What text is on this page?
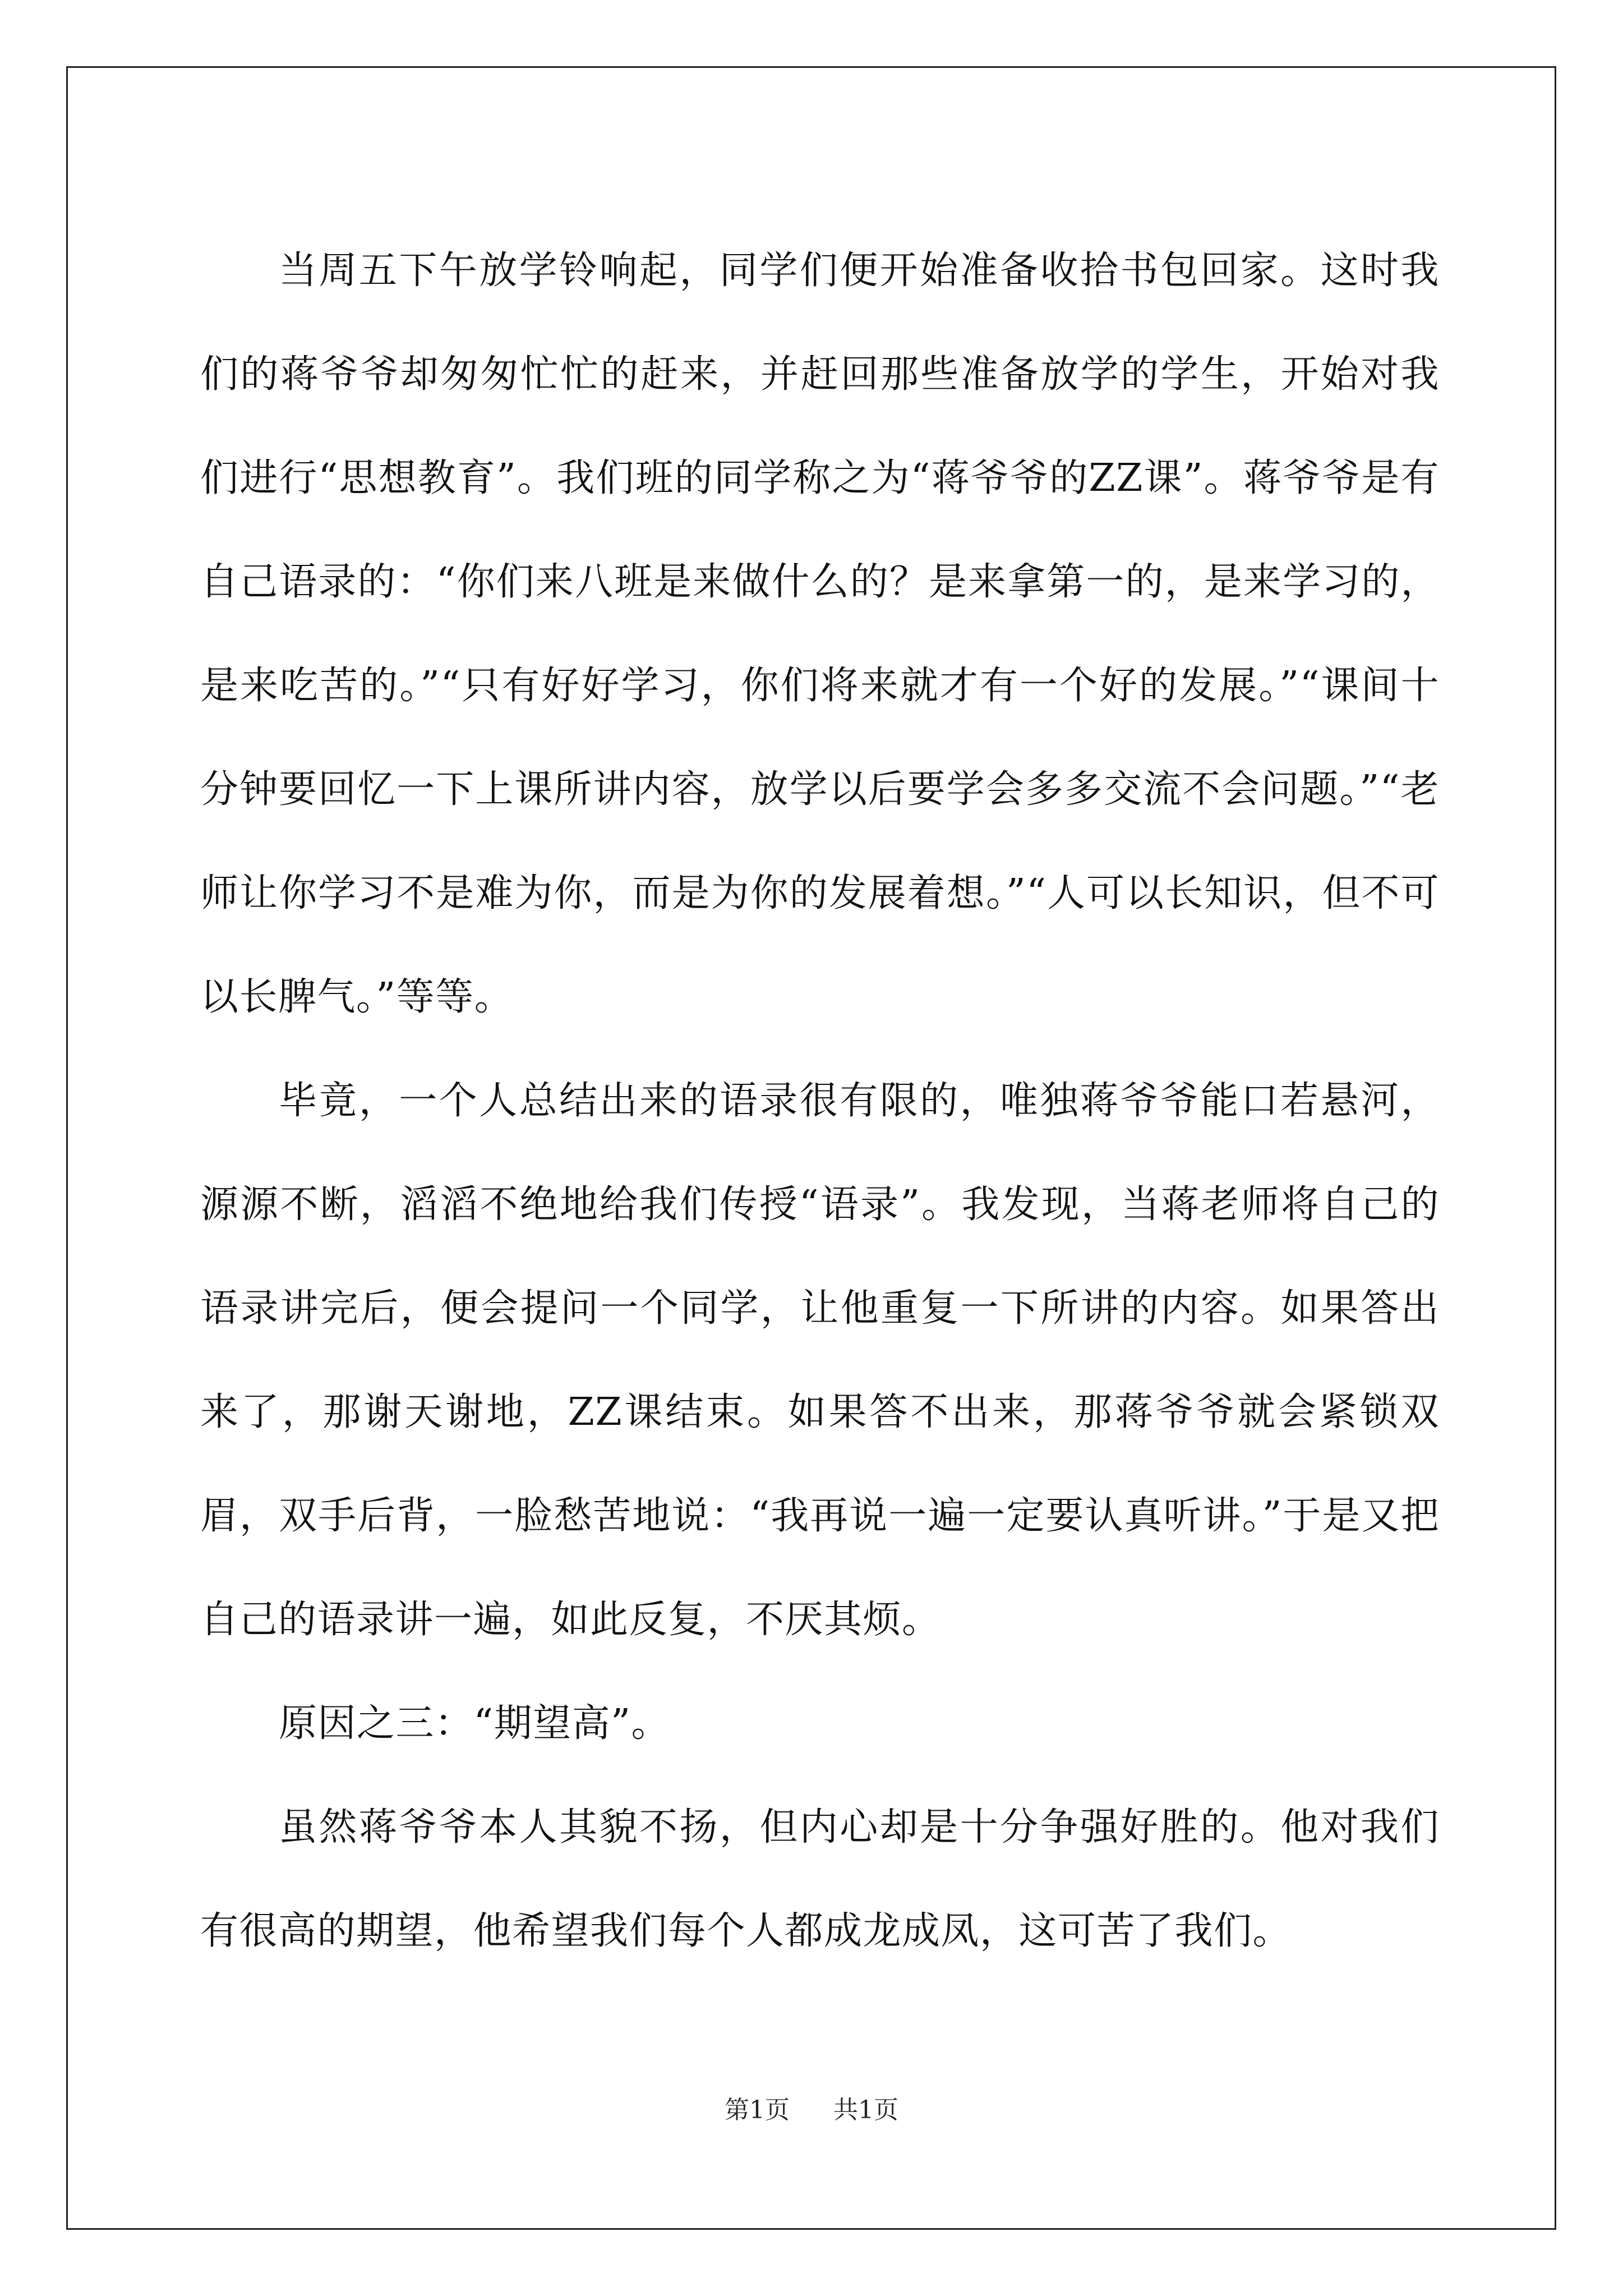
当周五下午放学铃响起，同学们便开始准备收拾书包回家。这时我们的蒋爷爷却匆匆忙忙的赶来，并赶回那些准备放学的学生，开始对我们进行“思想教育”。我们班的同学称之为“蒋爷爷的ZZ课”。蒋爷爷是有自己语录的：“你们来八班是来做什么的？是来拿第一的，是来学习的，是来吃苦的。”“只有好好学习，你们将来就才有一个好的发展。”“课间十分钟要回忆一下上课所讲内容，放学以后要学会多多交流不会问题。”“老师让你学习不是难为你，而是为你的发展着想。”“人可以长知识，但不可以长脾气。”等等。

毕竟，一个人总结出来的语录很有限的，唯独蒋爷爷能口若悬河，源源不断，滔滔不绝地给我们传授“语录”。我发现，当蒋老师将自己的语录讲完后，便会提问一个同学，让他重复一下所讲的内容。如果答出来了，那谢天谢地，ZZ课结束。如果答不出来，那蒋爷爷就会紧锁双眉，双手后背，一脸愁苦地说：“我再说一遍一定要认真听讲。”于是又把自己的语录讲一遍，如此反复，不厌其烦。

原因之三：“期望高”。

虽然蒋爷爷本人其貌不扬，但内心却是十分争强好胜的。他对我们有很高的期望，他希望我们每个人都成龙成凤，这可苦了我们。

第1页 共1页
